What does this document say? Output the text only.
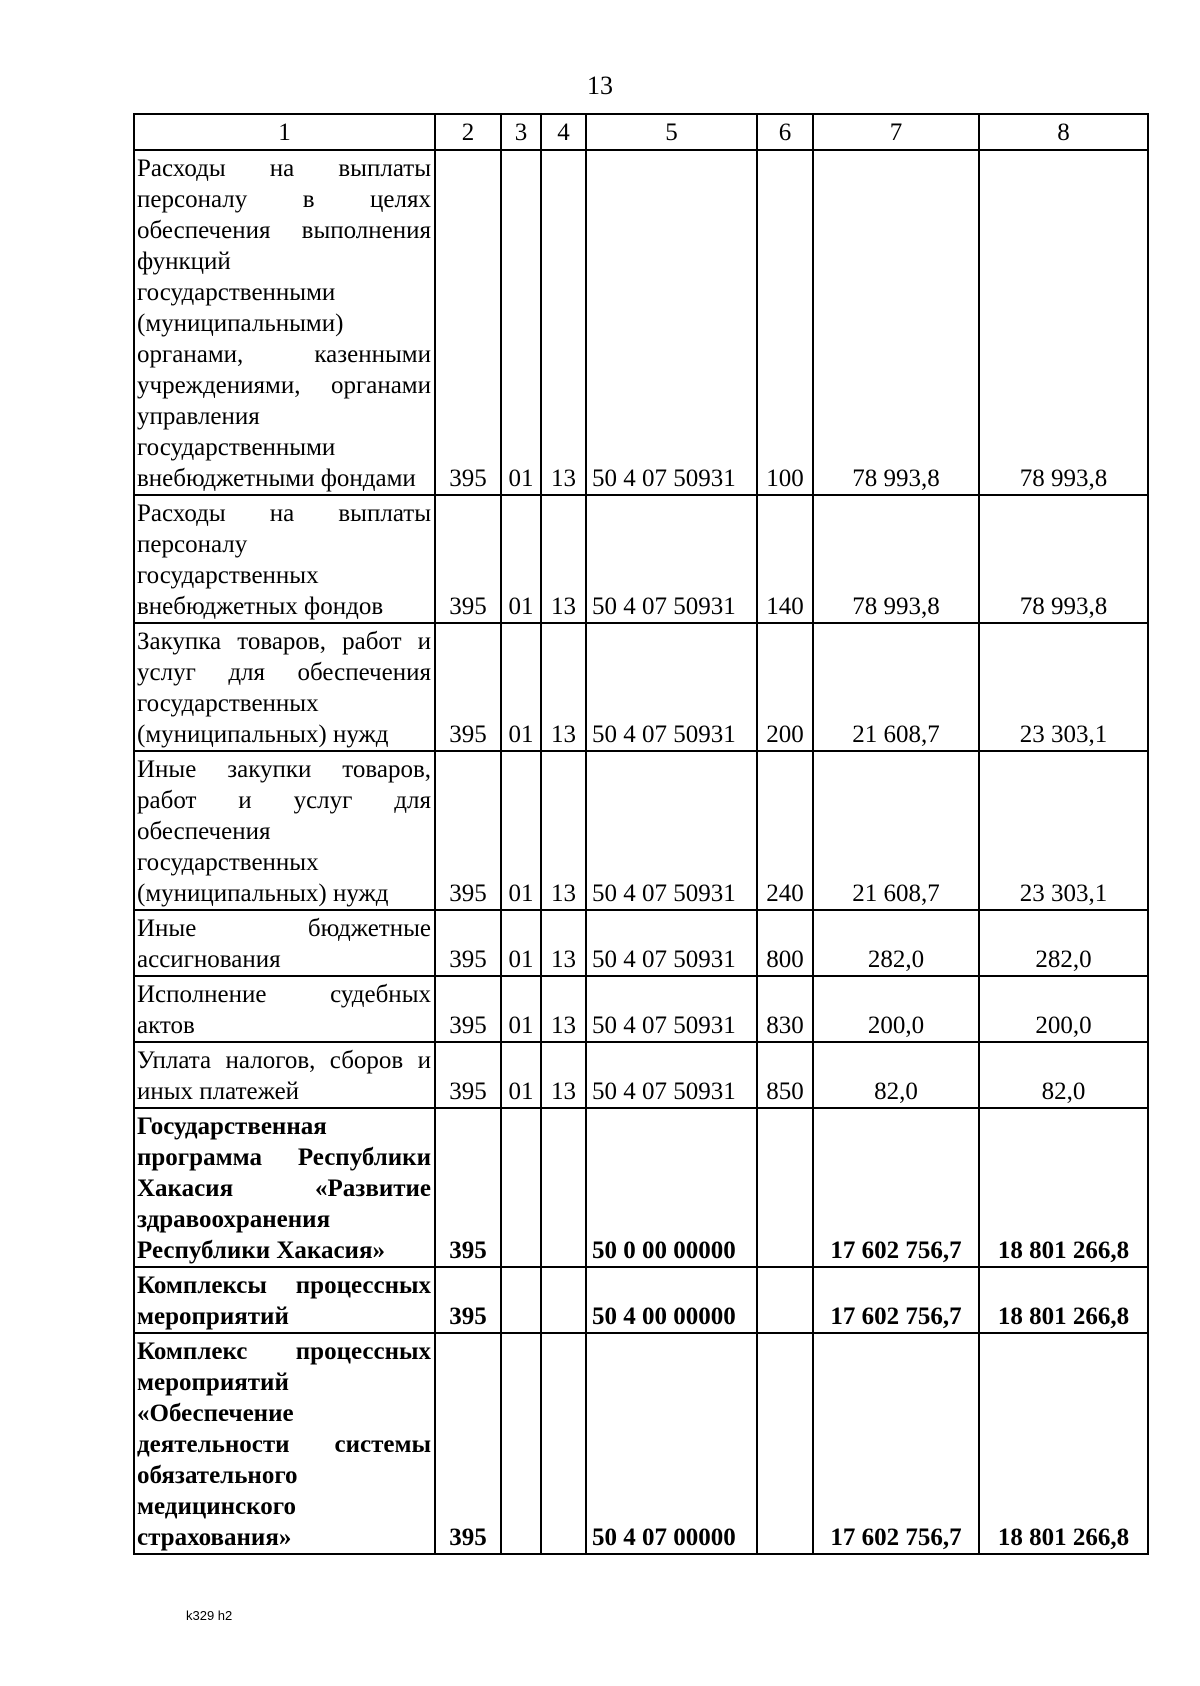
13
1	2	3	4	5	6	7	8
Расходы на выплаты персоналу в целях обеспечения выполнения функций государственными (муниципальными) органами, казенными учреждениями, органами управления государственными внебюджетными фондами	395	01	13	50 4 07 50931	100	78 993,8	78 993,8
Расходы на выплаты персоналу государственных внебюджетных фондов	395	01	13	50 4 07 50931	140	78 993,8	78 993,8
Закупка товаров, работ и услуг для обеспечения государственных (муниципальных) нужд	395	01	13	50 4 07 50931	200	21 608,7	23 303,1
Иные закупки товаров, работ и услуг для обеспечения государственных (муниципальных) нужд	395	01	13	50 4 07 50931	240	21 608,7	23 303,1
Иные бюджетные ассигнования	395	01	13	50 4 07 50931	800	282,0	282,0
Исполнение судебных актов	395	01	13	50 4 07 50931	830	200,0	200,0
Уплата налогов, сборов и иных платежей	395	01	13	50 4 07 50931	850	82,0	82,0
Государственная программа Республики Хакасия «Развитие здравоохранения Республики Хакасия»	395			50 0 00 00000		17 602 756,7	18 801 266,8
Комплексы процессных мероприятий	395			50 4 00 00000		17 602 756,7	18 801 266,8
Комплекс процессных мероприятий «Обеспечение деятельности системы обязательного медицинского страхования»	395			50 4 07 00000		17 602 756,7	18 801 266,8
k329 h2
